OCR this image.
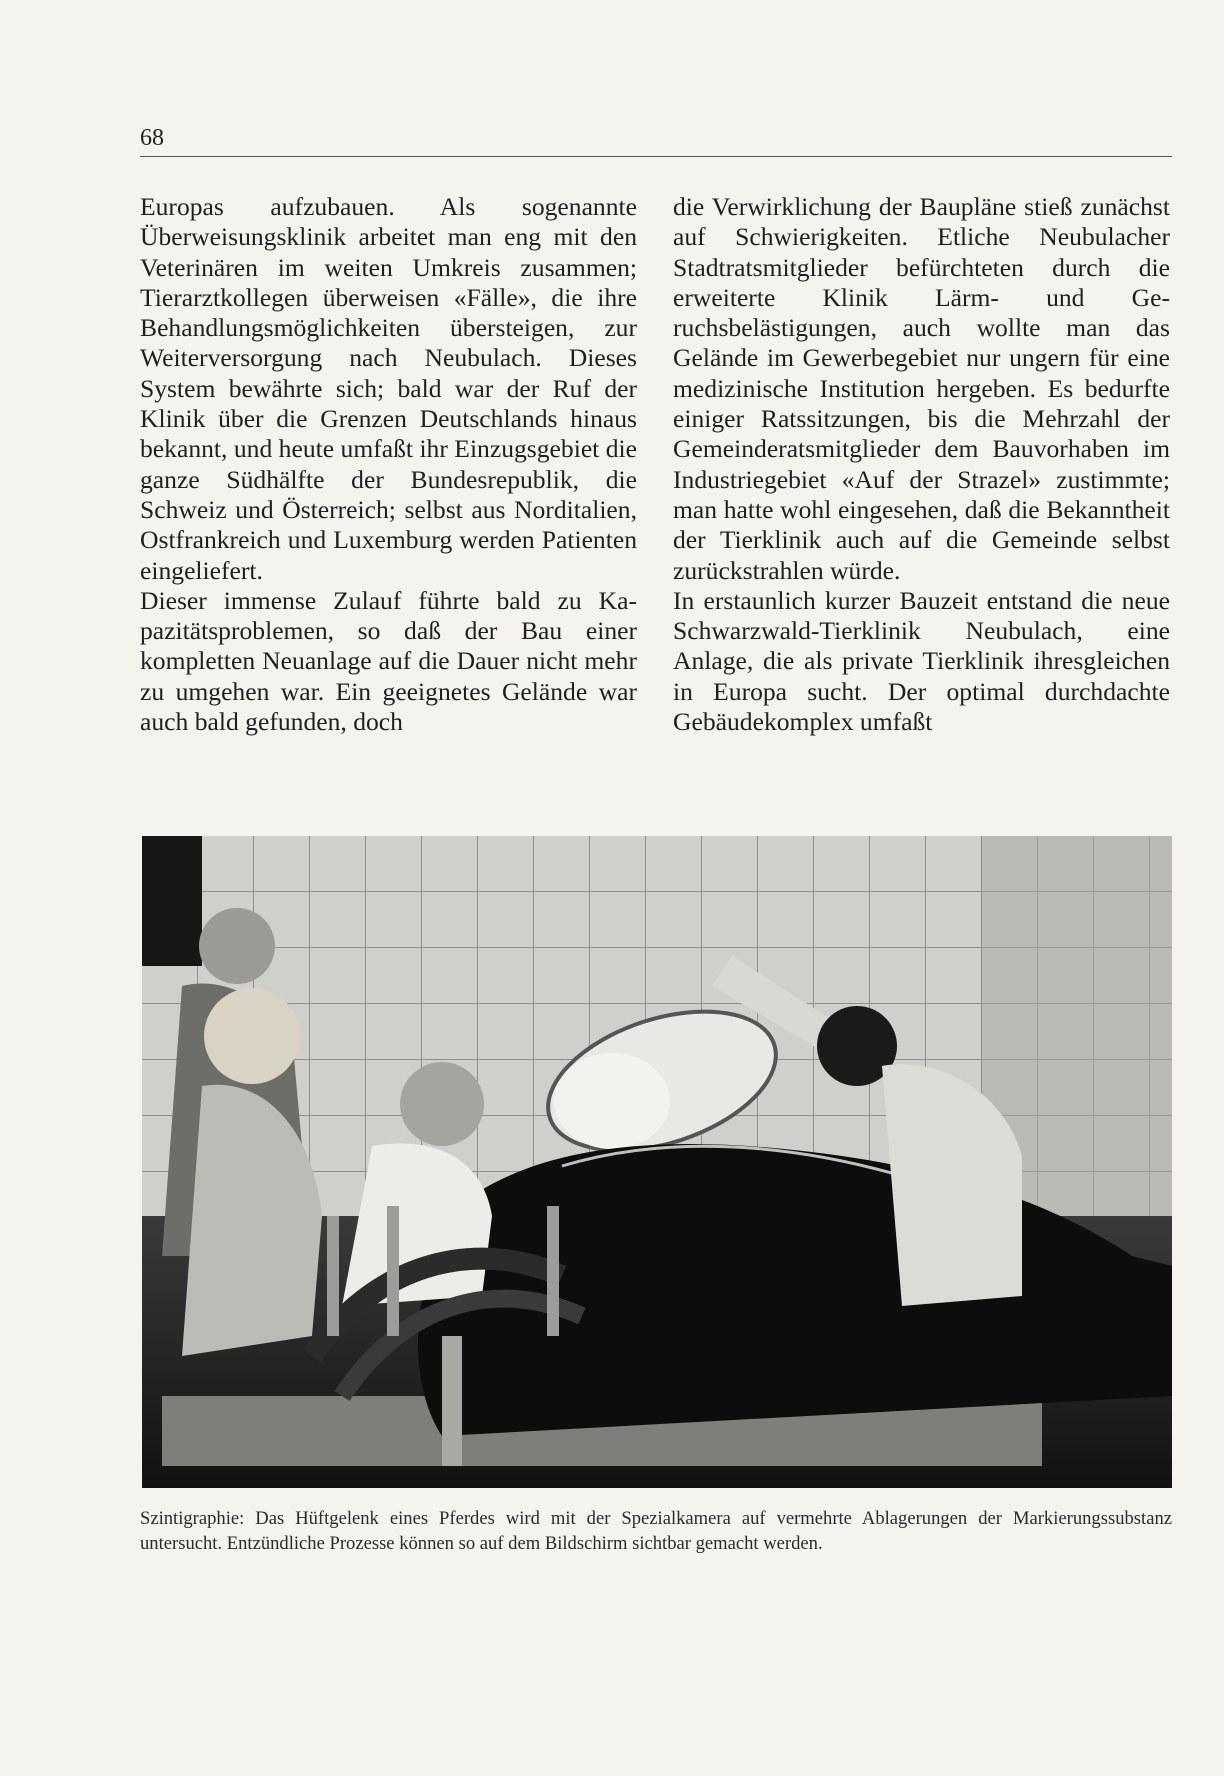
68

Europas aufzubauen. Als sogenannte Überweisungsklinik arbeitet man eng mit den Veterinären im weiten Umkreis zusammen; Tierarztkollegen überweisen «Fälle», die ihre Behandlungsmöglichkeiten übersteigen, zur Weiterversorgung nach Neubulach. Dieses System bewährte sich; bald war der Ruf der Klinik über die Grenzen Deutschlands hinaus bekannt, und heute umfaßt ihr Einzugsgebiet die ganze Südhälfte der Bundesrepublik, die Schweiz und Österreich; selbst aus Norditalien, Ostfrankreich und Luxemburg werden Patienten eingeliefert.

Dieser immense Zulauf führte bald zu Kapazitätsproblemen, so daß der Bau einer kompletten Neuanlage auf die Dauer nicht mehr zu umgehen war. Ein geeignetes Gelände war auch bald gefunden, doch

die Verwirklichung der Baupläne stieß zunächst auf Schwierigkeiten. Etliche Neubulacher Stadtratsmitglieder befürchteten durch die erweiterte Klinik Lärm- und Geruchsbelästigungen, auch wollte man das Gelände im Gewerbegebiet nur ungern für eine medizinische Institution hergeben. Es bedurfte einiger Ratssitzungen, bis die Mehrzahl der Gemeinderatsmitglieder dem Bauvorhaben im Industriegebiet «Auf der Strazel» zustimmte; man hatte wohl eingesehen, daß die Bekanntheit der Tierklinik auch auf die Gemeinde selbst zurückstrahlen würde.

In erstaunlich kurzer Bauzeit entstand die neue Schwarzwald-Tierklinik Neubulach, eine Anlage, die als private Tierklinik ihresgleichen in Europa sucht. Der optimal durchdachte Gebäudekomplex umfaßt

Szintigraphie: Das Hüftgelenk eines Pferdes wird mit der Spezialkamera auf vermehrte Ablagerungen der Markierungssubstanz untersucht. Entzündliche Prozesse können so auf dem Bildschirm sichtbar gemacht werden.
